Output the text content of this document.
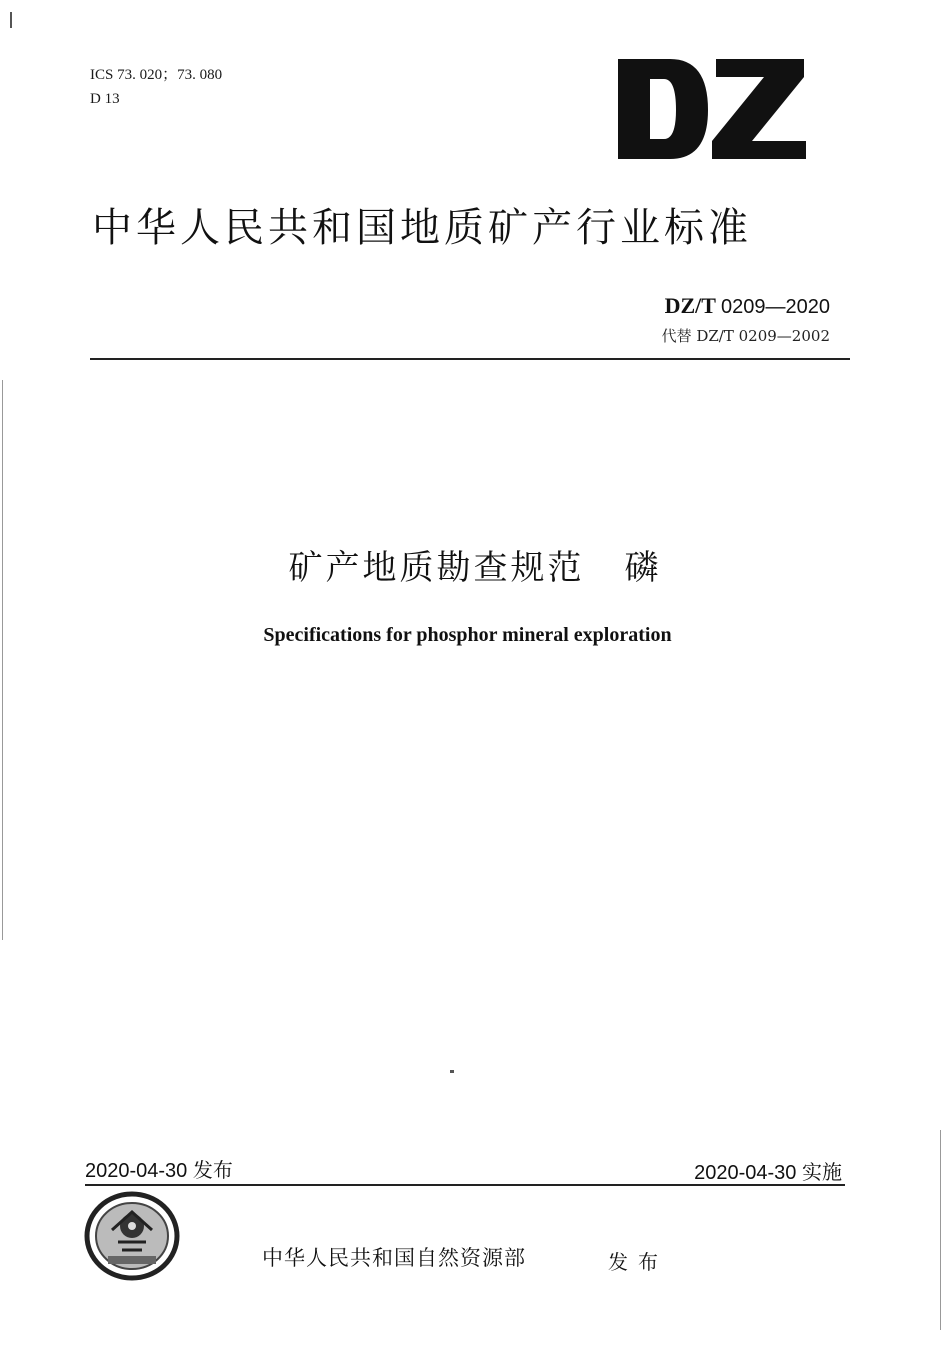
ICS 73. 020；73. 080
D 13
中华人民共和国地质矿产行业标准
DZ/T 0209—2020
代替 DZ/T 0209—2002
矿产地质勘查规范 磷
Specifications for phosphor mineral exploration
2020-04-30 发布	2020-04-30 实施
中华人民共和国自然资源部	发布
